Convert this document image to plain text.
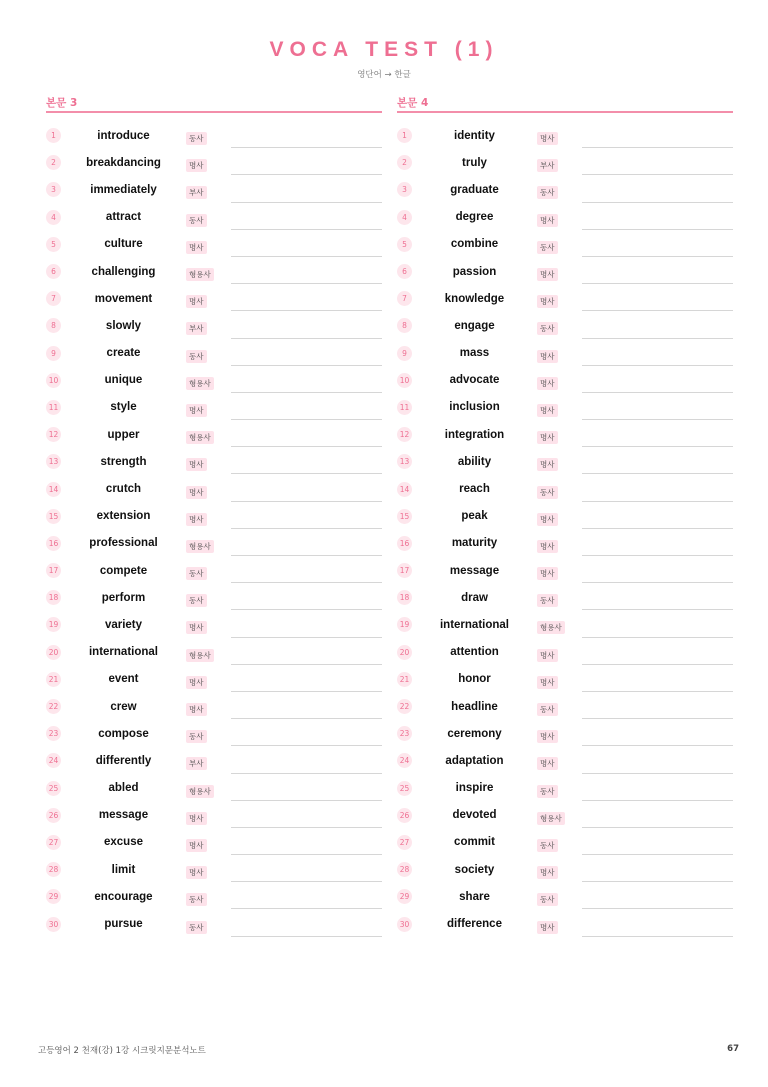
VOCA TEST (1)
영단어 → 한글
본문 3
1	introduce	동사
2	breakdancing	명사
3	immediately	부사
4	attract	동사
5	culture	명사
6	challenging	형용사
7	movement	명사
8	slowly	부사
9	create	동사
10	unique	형용사
11	style	명사
12	upper	형용사
13	strength	명사
14	crutch	명사
15	extension	명사
16	professional	형용사
17	compete	동사
18	perform	동사
19	variety	명사
20	international	형용사
21	event	명사
22	crew	명사
23	compose	동사
24	differently	부사
25	abled	형용사
26	message	명사
27	excuse	명사
28	limit	명사
29	encourage	동사
30	pursue	동사
본문 4
1	identity	명사
2	truly	부사
3	graduate	동사
4	degree	명사
5	combine	동사
6	passion	명사
7	knowledge	명사
8	engage	동사
9	mass	명사
10	advocate	명사
11	inclusion	명사
12	integration	명사
13	ability	명사
14	reach	동사
15	peak	명사
16	maturity	명사
17	message	명사
18	draw	동사
19	international	형용사
20	attention	명사
21	honor	명사
22	headline	동사
23	ceremony	명사
24	adaptation	명사
25	inspire	동사
26	devoted	형용사
27	commit	동사
28	society	명사
29	share	동사
30	difference	명사
고등영어 2 천재(강) 1강 시크릿지문분석노트	67
